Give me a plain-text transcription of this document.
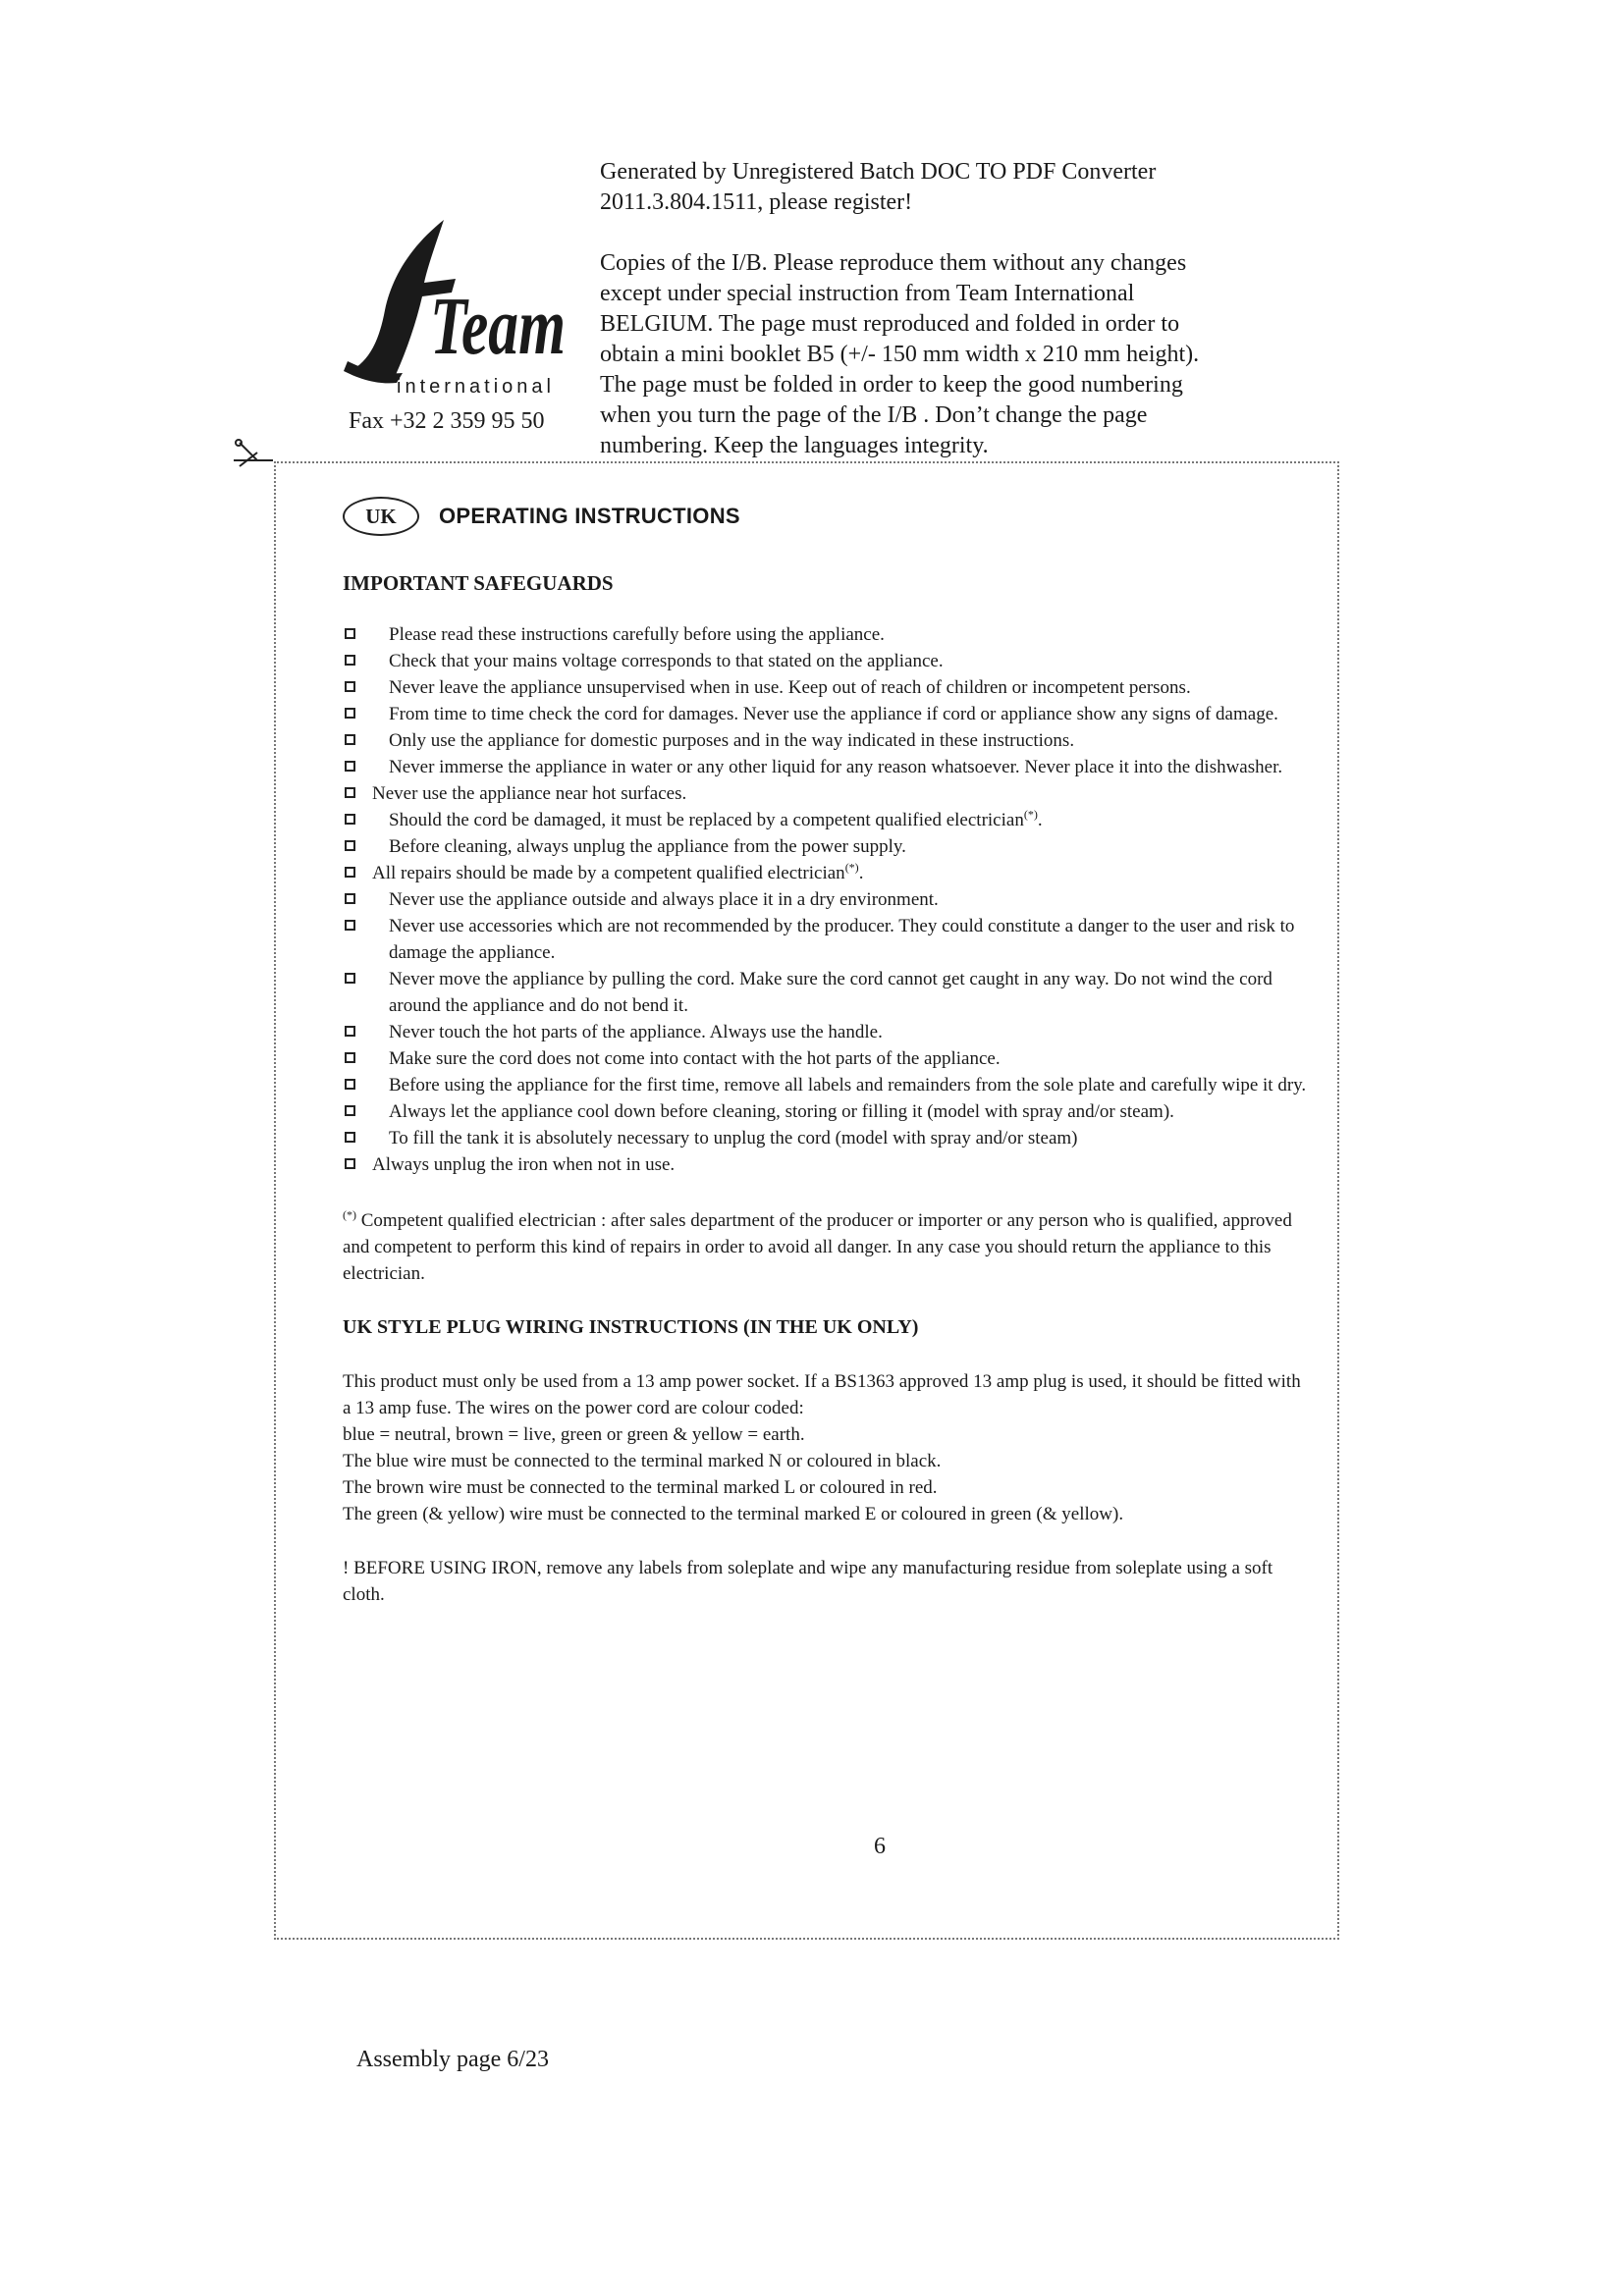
Generated by Unregistered Batch DOC TO PDF Converter
2011.3.804.1511, please register!
Copies of the I/B. Please reproduce them without any changes
except under special instruction from Team International
BELGIUM. The page must reproduced and folded in order to
obtain a mini booklet B5 (+/- 150 mm width x 210 mm height).
The page must be folded in order to keep the good numbering
when you turn the page of the I/B . Don’t change the page
numbering. Keep the languages integrity.
Team
international
Fax +32 2 359 95 50
UK	OPERATING INSTRUCTIONS
IMPORTANT SAFEGUARDS
Please read these instructions carefully before using the appliance.
Check that your mains voltage corresponds to that stated on the appliance.
Never leave the appliance unsupervised when in use. Keep out of reach of children or incompetent persons.
From time to time check the cord for damages. Never use the appliance if cord or appliance show any signs of damage.
Only use the appliance for domestic purposes and in the way indicated in these instructions.
Never immerse the appliance in water or any other liquid for any reason whatsoever. Never place it into the dishwasher.
Never use the appliance near hot surfaces.
Should the cord be damaged, it must be replaced by a competent qualified electrician(*).
Before cleaning, always unplug the appliance from the power supply.
All repairs should be made by a competent qualified electrician(*).
Never use the appliance outside and always place it in a dry environment.
Never use accessories which are not recommended by the producer. They could constitute a danger to the user and risk to damage the appliance.
Never move the appliance by pulling the cord. Make sure the cord cannot get caught in any way. Do not wind the cord around the appliance and do not bend it.
Never touch the hot parts of the appliance. Always use the handle.
Make sure the cord does not come into contact with the hot parts of the appliance.
Before using the appliance for the first time, remove all labels and remainders from the sole plate and carefully wipe it dry.
Always let the appliance cool down before cleaning, storing or filling it (model with spray and/or steam).
To fill the tank it is absolutely necessary to unplug the cord (model with spray and/or steam)
Always unplug the iron when not in use.
(*) Competent qualified electrician : after sales department of the producer or importer or any person who is qualified, approved and competent to perform this kind of repairs in order to avoid all danger. In any case you should return the appliance to this electrician.
UK STYLE PLUG WIRING INSTRUCTIONS (IN THE UK ONLY)
This product must only be used from a 13 amp power socket. If a BS1363 approved 13 amp plug is used, it should be fitted with a 13 amp fuse. The wires on the power cord are colour coded:
blue = neutral, brown = live, green or green & yellow = earth.
The blue wire must be connected to the terminal marked N or coloured in black.
The brown wire must be connected to the terminal marked L or coloured in red.
The green (& yellow) wire must be connected to the terminal marked E or coloured in green (& yellow).
! BEFORE USING IRON, remove any labels from soleplate and wipe any manufacturing residue from soleplate using a soft cloth.
6
Assembly page 6/23
